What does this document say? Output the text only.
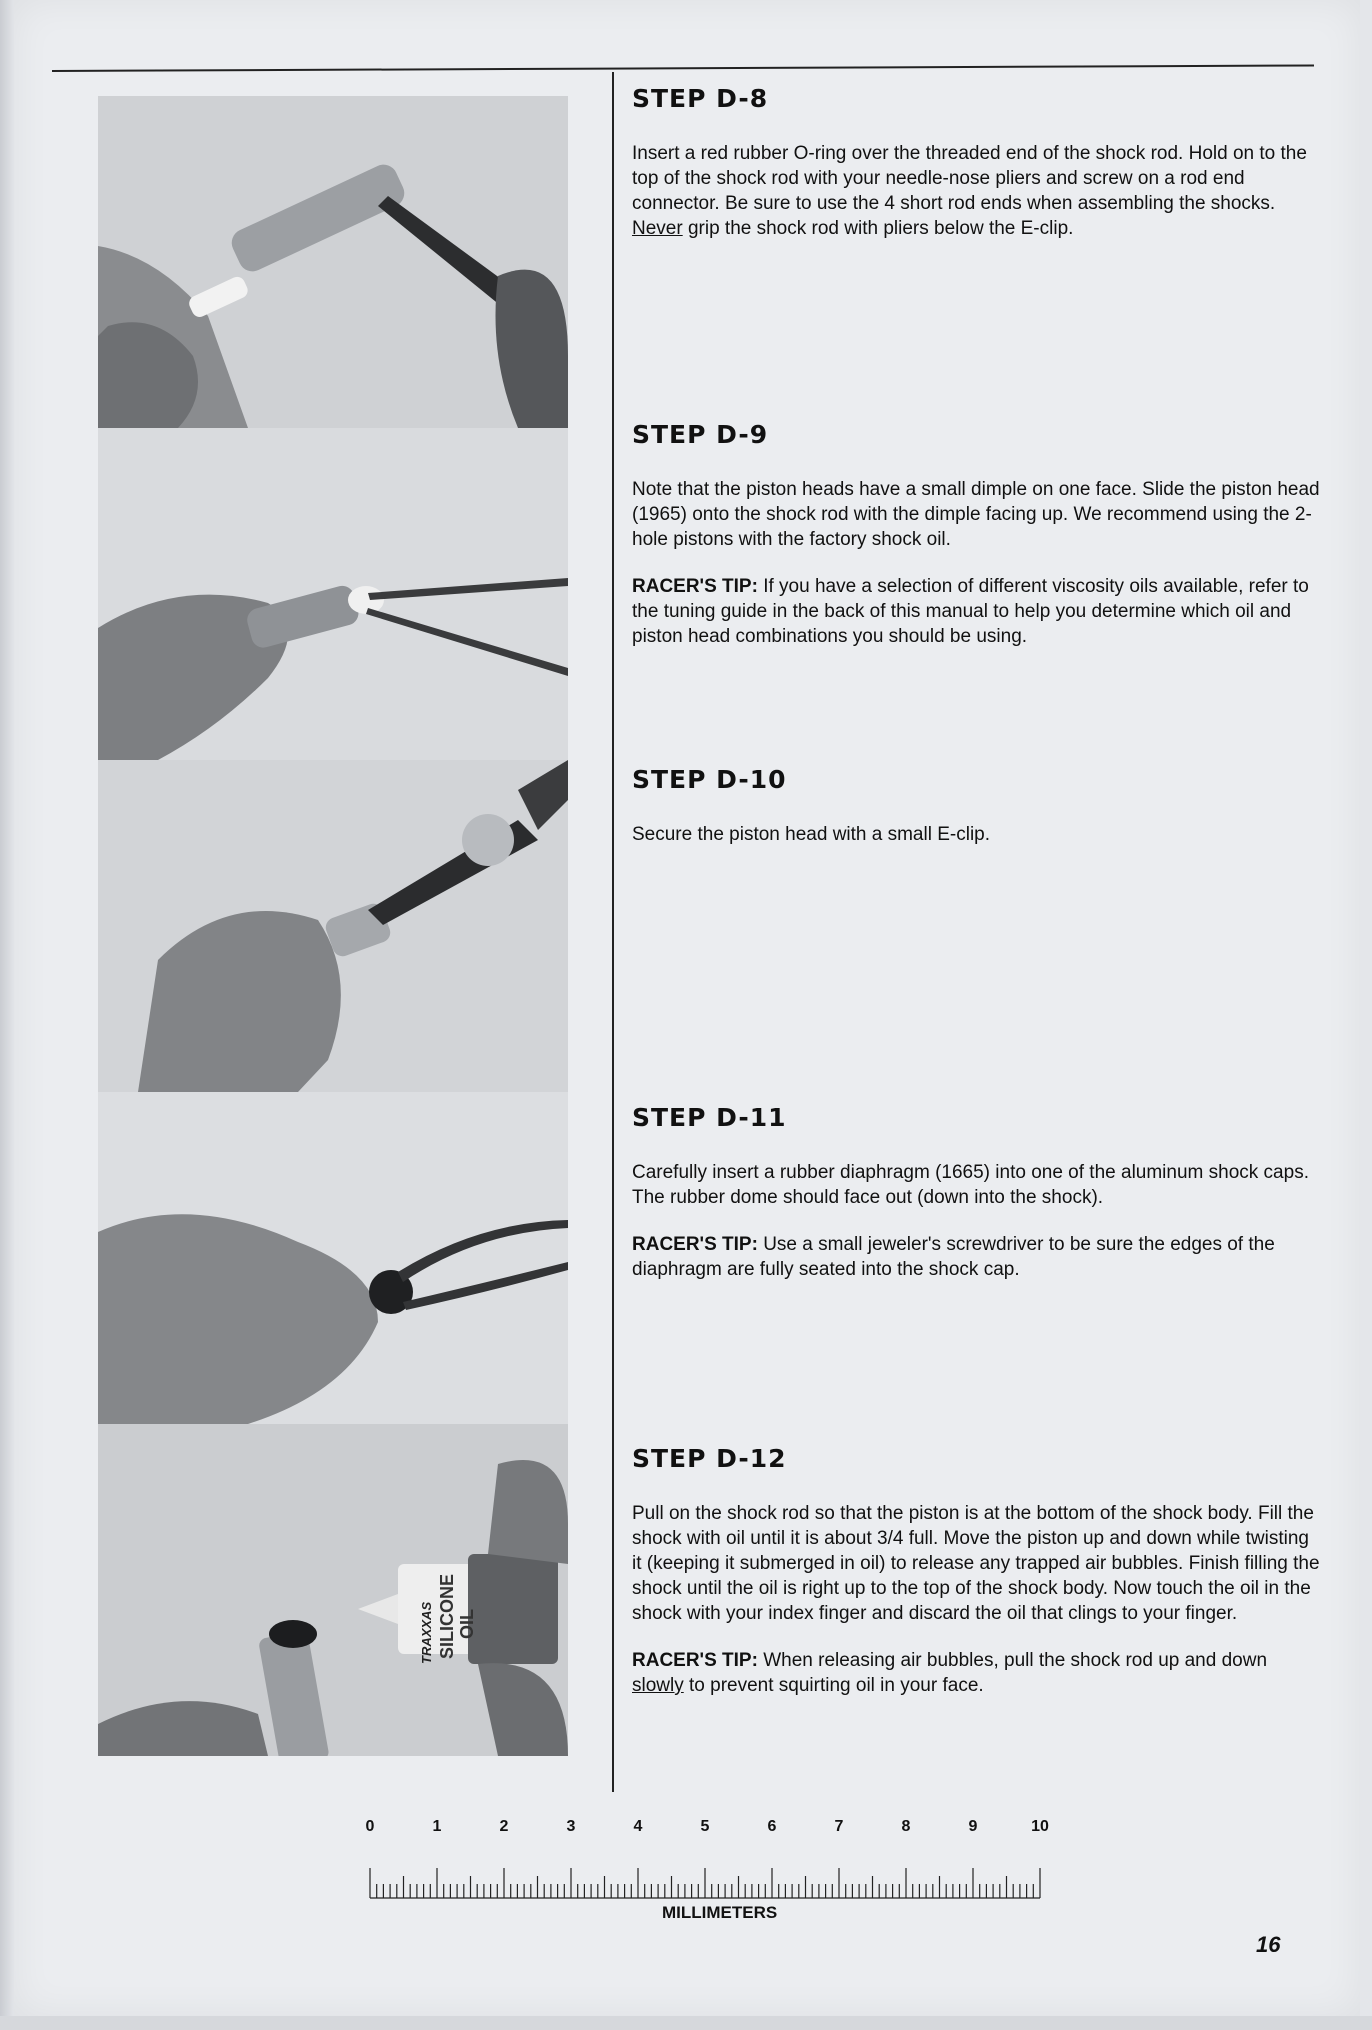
TRAXXAS SILICONE OIL
STEP D-8

Insert a red rubber O-ring over the threaded end of the shock rod. Hold on to the top of the shock rod with your needle-nose pliers and screw on a rod end connector. Be sure to use the 4 short rod ends when assembling the shocks. Never grip the shock rod with pliers below the E-clip.

STEP D-9

Note that the piston heads have a small dimple on one face. Slide the piston head (1965) onto the shock rod with the dimple facing up. We recommend using the 2-hole pistons with the factory shock oil.

RACER'S TIP: If you have a selection of different viscosity oils available, refer to the tuning guide in the back of this manual to help you determine which oil and piston head combinations you should be using.

STEP D-10

Secure the piston head with a small E-clip.

STEP D-11

Carefully insert a rubber diaphragm (1665) into one of the aluminum shock caps. The rubber dome should face out (down into the shock).

RACER'S TIP: Use a small jeweler's screwdriver to be sure the edges of the diaphragm are fully seated into the shock cap.

STEP D-12

Pull on the shock rod so that the piston is at the bottom of the shock body. Fill the shock with oil until it is about 3/4 full. Move the piston up and down while twisting it (keeping it submerged in oil) to release any trapped air bubbles. Finish filling the shock until the oil is right up to the top of the shock body. Now touch the oil in the shock with your index finger and discard the oil that clings to your finger.

RACER'S TIP: When releasing air bubbles, pull the shock rod up and down slowly to prevent squirting oil in your face.

0	1	2	3	4	5	6	7	8	9	10
MILLIMETERS
16
